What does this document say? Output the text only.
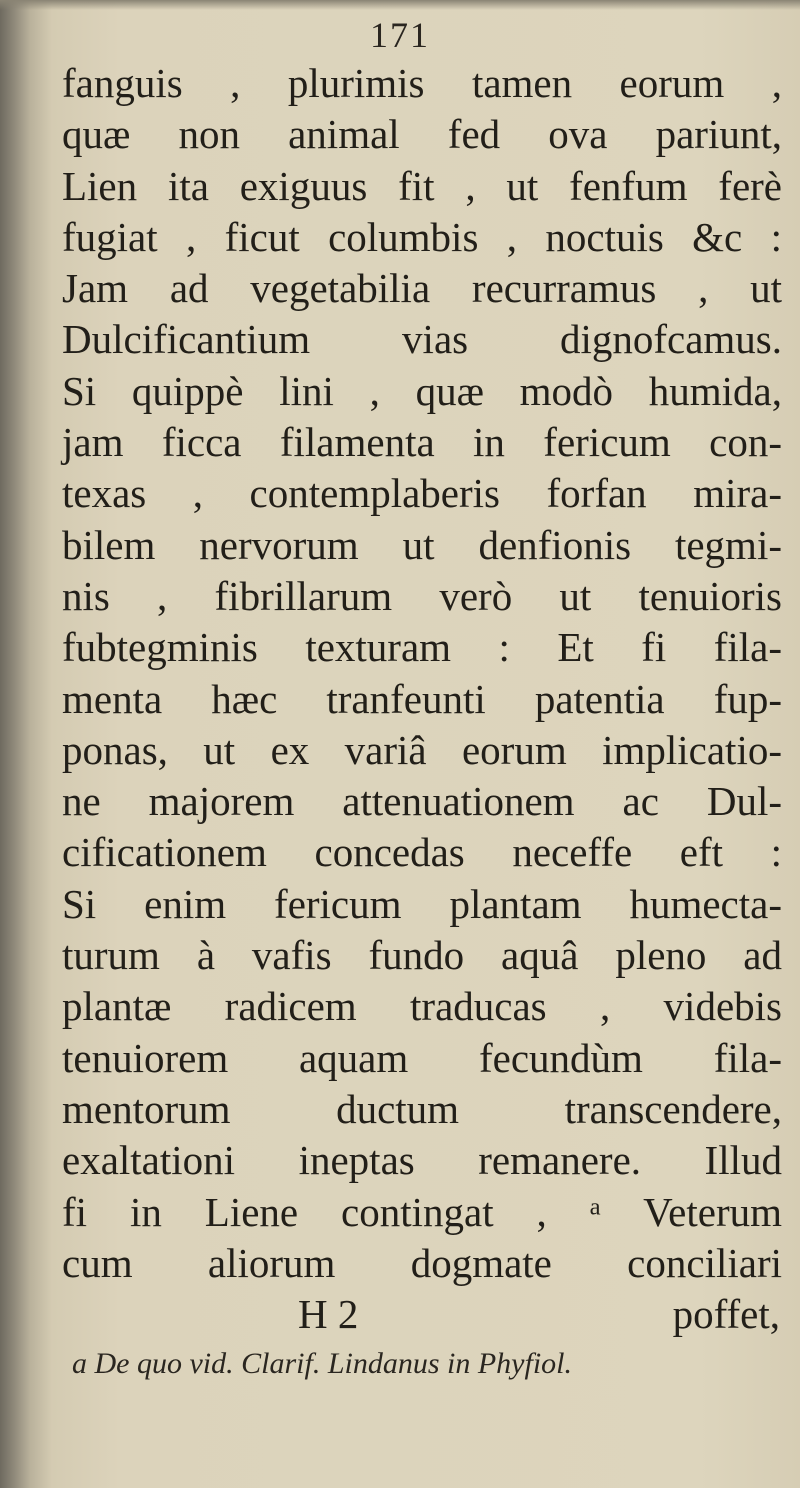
171
fanguis , plurimis tamen eorum ,
quæ non animal fed ova pariunt,
Lien ita exiguus fit , ut fenfum ferè
fugiat , ficut columbis , noctuis &c :
Jam ad vegetabilia recurramus , ut
Dulcificantium vias dignofcamus.
Si quippè lini , quæ modò humida,
jam ficca filamenta in fericum con-
texas , contemplaberis forfan mira-
bilem nervorum ut denfionis tegmi-
nis , fibrillarum verò ut tenuioris
fubtegminis texturam : Et fi fila-
menta hæc tranfeunti patentia fup-
ponas, ut ex variâ eorum implicatio-
ne majorem attenuationem ac Dul-
cificationem concedas neceffe eft :
Si enim fericum plantam humecta-
turum à vafis fundo aquâ pleno ad
plantæ radicem traducas , videbis
tenuiorem aquam fecundùm fila-
mentorum ductum transcendere,
exaltationi ineptas remanere. Illud
fi in Liene contingat , ᵃ Veterum
cum aliorum dogmate conciliari
H 2	poffet,
a De quo vid. Clarif. Lindanus in Phyfiol.
